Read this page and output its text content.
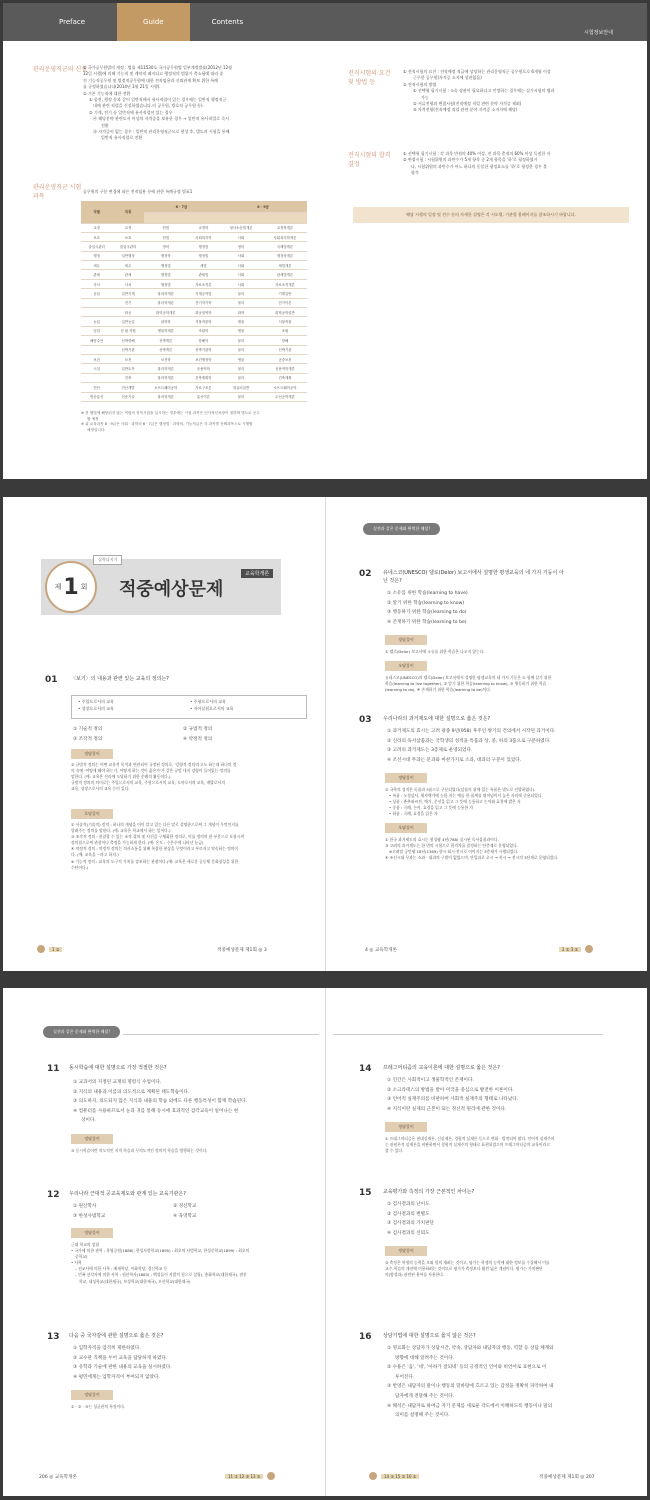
Preface	Guide	Contents
시험정보안내
Information
관리운영직군의 신설
① 국가공무원법의 개정 : 법률 제11530호 국가공무원법 일부개정법률(2012년 12월
12일 시행)에 의해 기능직 및 계약직 폐지되고 행정직의 범위가 축소됨에 따라 종
전 기능직공무원 및 별정직공무원에 대한 전직임용과 신뢰관계 확보 위한 특례
를 규정하였습니다(2014년 3월 21일 시행).
② 기존 기능직에 대한 전환
① 종전, 행정 등과 같이 일반직에서 유사직렬이 있는 경우에는 일반직 행정직군
내에 관련 직렬을 신설하였습니다.의 공무원, 방호직 공무원 등).
② 기계, 전기 등 일반직에 유사직렬이 있는 경우
㉮ 해당분야 관련도서 이상의 자격증을 보유한 경우 → 일반직 유사직렬로 즉시
전환
㉯ 자격증이 없는 경우 : 일반직 관리운영직군으로 편성 후, 별도의 시험을 통해
일반직 유사직렬로 전환
관리운영직군 시험 과목
공무원의 구분 변경에 따른 전직임용 등에 관한 특례규정 별표1
직렬	직류	6 · 7급		8 · 9급	

교정	교정	헌법	교정학	형사소송법개론	교정학개론
보호	보호	헌법	사회복지학	사회	사회복지학개론
출입국관리	출입국관리	영어	행정법	영어	국제법개론
행정	일반행정	행정학	행정법	사회	행정학개론
세무	세무	행정법	세법	사회	세법개론
관세	관세	행정법	관세법	사회	관세법개론
사서	사서	행정법	자료조직론	사회	자료조직개론
공업	일반기계	물리학개론	기계공작법	물리	기계일반
	전기	물리학개론	전기자기학	물리	전기이론
	화공	화학공학개론	화공열역학	화학	화학공학일반
농업	일반농업	화학학	식물작물학	생물	식물작물
임업	산 림 자원	생물학개론	조림학	생물	조림
해양수산	선박항해	선박개론	항해학	물리	항해
	선박기관	선박개론	선박기관학	물리	선박기관
보건	보건	보건학	보건행정학	생물	공중보건
시설	일반토목	물리학개론	응용역학	물리	응용역학개론
	건축	물리학개론	건축계획학	물리	건축계획
전산	전산개발	소프트웨어공학	자료구조론	컴퓨터일반	소프트웨어공학
방송통신	전송기술	물리학개론	통신이론	물리	무선공학개론
※ 현 행법에 해당되지 않는 직렬의 전직시험을 실시하는 경우에는 시험 과목은 인사혁신처장이 정하며 별도로 공고
할 예정
※ 위 교육과목 8 · 9급은 사회 · 과학의 6 · 7급은 행정법 · 과학의, 기능직급은 각 과목별 선택과목으로 시행할
예정입니다.
전직시험의 요건 및 방법 등
① 전직시험의 요건 : 전직예정 직급에 상당하는 관리운영직군 공무원으로 6개월 이상
근무한 공무원(자격증 소지에 상관없음)
② 전직시험의 방법
① 선택형 필기시험 : 소속 장관이 필요하다고 인정하는 경우에는 실기시험의 병과
가능
② 서류전형과 면접시험(전직예정 직렬 관련 분야 자격증 제외)
③ 자격전형(전직예정 직렬 관련 분야 자격증 소지자에 해당)
전직시험의 합격 결정
① 선택형 필기시험 : 각 과목 만점의 40% 이상, 전 과목 총점의 60% 이상 득점한 자
② 면접시험 : 시험위원의 과반수가 5개 항목 중 2개 항목을 '하'로 평정하였거
나, 시험위원의 과반수가 어느 하나의 동일한 평정요소를 '하'로 평정한 경우 불
합격
해당 시행의 일정 및 전수 등의 자세한 설명은 각 시도별, 기관별 홈페이지를 참조하시기 바랍니다.
제 1 회
실력다지기
적중예상문제
교육학개론
실전과 같은 문제와 완벽한 해설!
01	〈보기〉의 내용과 관련 있는 교육의 정의는?
• 주입으로서의 교육	• 주형으로서의 교육
• 성장으로서의 교육	• 자아실현으로서의 교육
① 기술적 정의	② 규범적 정의
③ 조작적 정의	④ 약정적 정의
정답풀이
② 규범적 정의는 어떤 교육적 목적과 연관되어 규정된 정의로, '강령적 정의'라고도 하는데 하나의 정
의 속에 '어떻게 해야 하는가, 어떻게 하는 것이 옳은가'가 같은 규범 내지 강령이 들어있는 정의를
말한다. (예: 교육은 진리에 도달하기 위한 순례의 활동이다.)
규범적 정의의 의미로는 주입으로서의 교육, 주형으로서의 교육, 도야로서의 교육, 계발로서의
교육, 성장으로서의 교육 등이 있다.
오답풀이
① 서술적(기술적) 정의 : 하나의 개념을 이미 알고 있는 다른 말로 설명함으로써 그 개념이 무엇인지를
알려주는 정의를 말한다. (예: 교육은 학교에서 하는 일이다.)
③ 조작적 정의 : 관찰할 수 있는 조작 절차 및 사건을 구체화한 정의로, 이를 정의의 한 부분으로 포함시켜
정의함으로써 관찰이나 측정을 가능하게 한다. (예: 온도 : 수은주에 나타난 눈금)
④ 약정적 정의 : 약정적 정의는 의사소통을 위해 복잡한 현상을 무엇이라고 부르자고 약속하는 정의이
다. (예: 교육을 ~라고 하자.)
※ 기능적 정의 : 교육의 도구적 가치를 강조하는 관점이다.(예: 교육은 새로운 공동체 문화창성을 위한
수단이다.)
1 ②	적중예상문제 제1회 ◎ 3	4 ◎ 교육학개론	2 ① 3 ②
02 유네스코(UNESCO) 델로(Delor) 보고서에서 설명한 평생교육의 네 가지 기둥이 아
닌 것은?
① 소유를 위한 학습(learning to have)
② 알기 위한 학습(learning to know)
③ 행동하기 위한 학습(learning to do)
④ 존재하기 위한 학습(learning to be)
정답풀이
① 델로(Delor) 보고서에 소유를 위한 학습은 나오지 않는다.
오답풀이
유네스코(UNESCO)의 델로(Delor) 보고서에서 설명한 평생교육의 네 가지 기둥은 ① 함께 살기 위한
학습(learning to live together), ② 알기 위한 학습(learning to know), ③ 행동하기 위한 학습
(learning to do), ④ 존재하기 위한 학습(learning to be)이다.
03 우리나라의 과거제도에 대한 설명으로 옳은 것은?
① 과거제도의 효시는 고려 광종 9년(958) 후주인 쌍기의 건의에서 시작된 과거이다.
② 신라의 독서삼품과는 국학생의 성적을 특품과 상, 중, 하의 3품으로 구분하였다.
③ 고려의 과거제도는 3층제로 운영되었다.
④ 조선시대 무과는 문과와 마찬가지로 소과, 대과의 구분이 있었다.
정답풀이
② 국학의 성적은 독품과 3품으로 구분되었다(삼품의 위에 있는 특품은 별도로 선발하였다).
• 특품 : 오경삼사, 제자백가에 능한 자는 예를 한 품계를 뛰어넘어서 높은 자리에 중용되었다.
• 상품 : 춘추좌씨전, 예기, 문선을 읽고 그 뜻에 능통하고 논어와 효경에 밝은 자
• 중품 : 곡례, 논어, 효경을 읽고 그 뜻에 능통한 자
• 하품 : 곡례, 효경을 읽은 자
오답풀이
① 한국 과거제도의 효시는 원성왕 4년(788) 실시된 독서삼품과이다.
③ 고려의 과거제도는 한 번의 시험으로 합격자를 결정하는 단층제로 운영되었다.
※고려말 공민왕 18년(1369) 향시·회시·전시로 이어지는 3층제가 시행되었다.
④ 조선시대 무과는 소과 · 대과의 구별이 없었으며, 단일과로 초시 → 복시 → 전시의 3단계로 운영되었다.
실전과 같은 문제와 완벽한 해설!
11 동시학습에 대한 설명으로 가장 적절한 것은?
① 교과서의 지정된 교재의 명령식 수업이다.
② 지식의 내용과 이를의 의도적으로 계획된 태도학습이다.
③ 의도하지, 의도되지 않은 지식과 내용의 학습 외에도 다른 행동특성이 함께 학습된다.
④ 컴퓨터를 사용하므로서 눈과 귀를 통해 동시에 효과적인 감각교육이 일어나는 현
상이다.
정답풀이
③ 동시학습이란 의도적인 지적 학습과 무의도적인 정의적 학습을 병행하는 것이다.
12 우리나라 근대적 공교육제도와 관계 있는 교육기관은?
① 원산학사	② 경신학교
③ 한성사범학교	④ 육영학교
정답풀이
근대 학교의 설립
• 국가에 의한 관학 : 육영공원(1886), 한성사범학교(1895) : 최초의 사범학교, 한성중학교(1899) : 최초의
중학교)
• 사학
– 선교사에 의한 사학 : 배재학당, 이화학당, 경신학교 등
– 민족 선각자에 의한 사학 : 원산학사(1883) : 백성들이 자발적 힘으로 설립), 흥화학교(대한제국), 점진
학교, 대성학교(대한제국), 보성학교(대한제국), 오산학교(대한제국)
13 다음 중 국자감에 관한 설명으로 옳은 것은?
① 입학자격을 엄격히 제한하였다.
② 교수관 직책을 두어 교육을 담당하게 하였다.
③ 유학과 기술에 관한 내용의 교육을 실시하였다.
④ 평민에게는 입학자격이 부여되지 않았다.
정답풀이
① · ② · ③는 성균관의 특징이다.
206 ◎ 교육학개론	11 ③ 12 ③ 13 ③	14 ① 15 ③ 16 ①	적중예상문제 제1회 ◎ 207
14 프레그머티즘의 교육이론에 대한 설명으로 옳은 것은?
① 인간은 사회적이고 생물학적인 존재이다.
② 소크라테스의 방법을 받아 미국을 중심으로 발전한 이론이다.
③ 언어적 실재주의를 비판하여 사회적 실재주의 형태로 나타났다.
④ 지식이란 실제의 근본이 되는 정신적 원리에 관한 것이다.
정답풀이
① 프래그머티즘은 현대실재론, 신실재론, 경험적 실재론 등으로 변화 · 발전되어 왔다. 언어적 실재주의
는 관념론적 실재론을 비판하면서 경험적 실재주의 형태로 표현되었으며 프레그머티즘의 교육이라고
할 수 있다.
15 교육평가와 측정의 가장 근본적인 차이는?
① 검사결과의 난이도
② 검사결과의 변별도
③ 검사결과의 가치판단
④ 검사결과의 신뢰도
정답풀이
③ 측정은 학생의 능력을 모와 합의 재려는 것이고, 평가는 학생의 능력에 대한 정보를 수집해서 이를
교수-학습의 개선에 이용하려는 것이므로 평가가 측정보다 훨씬 넓은 개념이다. 평가는 가치판단
의(양성과) 관련된 용어를 사용한다.
16 상담기법에 대한 설명으로 옳지 않은 것은?
① 명료화는 상담자가 상담시간, 약속, 상담자와 내담자의 행동, 역할 등 상담 체계와
방향에 대해 알려주는 것이다.
② 수용은 '음', '네', '아하가 잘되네' 등의 긍정적인 언어와 비언어로 표현으로 이
루어진다.
③ 반영은 내담자의 말이나 행동의 밑바탕에 흐르고 있는 감정을 정확히 파악하여 내
담자에게 전달해 주는 것이다.
④ 해석은 내담자로 하여금 자기 문제를 새로운 각도에서 이해하도록 행동이나 말의
의미를 설명해 주는 것이다.
